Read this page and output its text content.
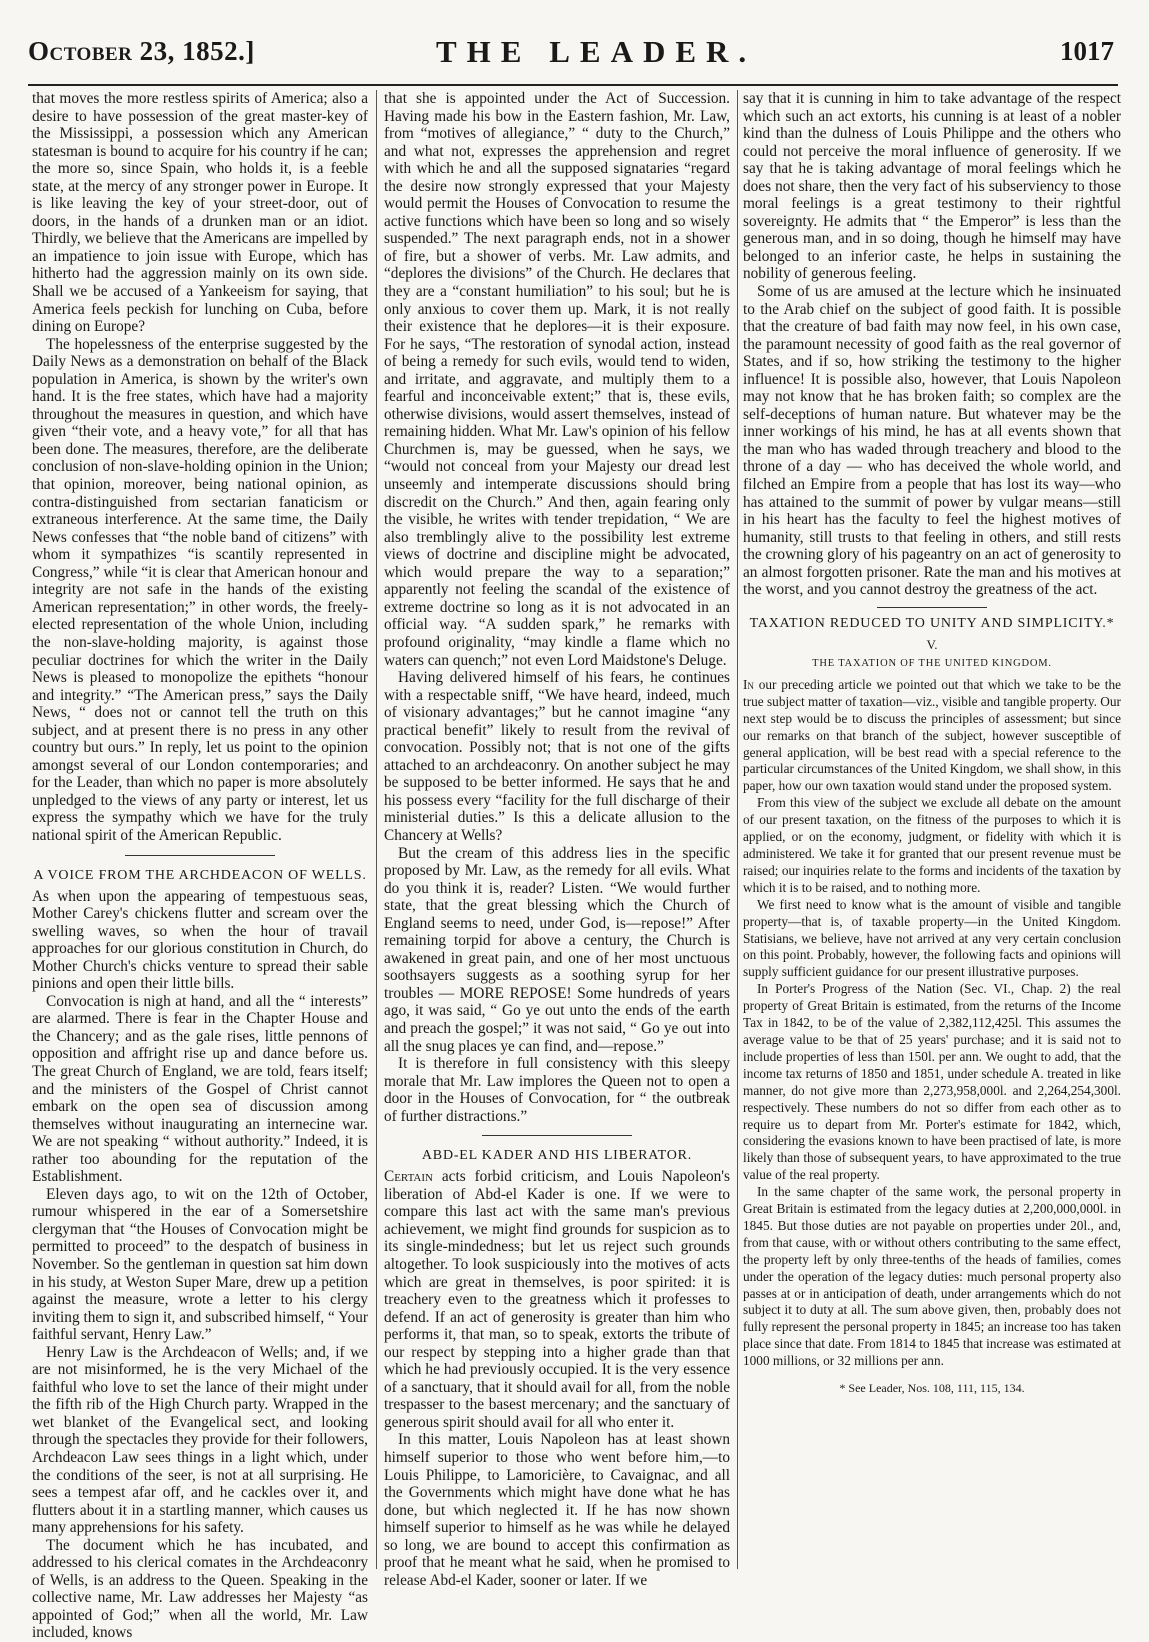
October 23, 1852.]	THE LEADER.	1017

that moves the more restless spirits of America; also a desire to have possession of the great master-key of the Mississippi, a possession which any American statesman is bound to acquire for his country if he can; the more so, since Spain, who holds it, is a feeble state, at the mercy of any stronger power in Europe. It is like leaving the key of your street-door, out of doors, in the hands of a drunken man or an idiot. Thirdly, we believe that the Americans are impelled by an impatience to join issue with Europe, which has hitherto had the aggression mainly on its own side. Shall we be accused of a Yankeeism for saying, that America feels peckish for lunching on Cuba, before dining on Europe?

The hopelessness of the enterprise suggested by the Daily News as a demonstration on behalf of the Black population in America, is shown by the writer's own hand. It is the free states, which have had a majority throughout the measures in question, and which have given “their vote, and a heavy vote,” for all that has been done. The measures, therefore, are the deliberate conclusion of non-slave-holding opinion in the Union; that opinion, moreover, being national opinion, as contra-distinguished from sectarian fanaticism or extraneous interference. At the same time, the Daily News confesses that “the noble band of citizens” with whom it sympathizes “is scantily represented in Congress,” while “it is clear that American honour and integrity are not safe in the hands of the existing American representation;” in other words, the freely-elected representation of the whole Union, including the non-slave-holding majority, is against those peculiar doctrines for which the writer in the Daily News is pleased to monopolize the epithets “honour and integrity.” “The American press,” says the Daily News, “ does not or cannot tell the truth on this subject, and at present there is no press in any other country but ours.” In reply, let us point to the opinion amongst several of our London contemporaries; and for the Leader, than which no paper is more absolutely unpledged to the views of any party or interest, let us express the sympathy which we have for the truly national spirit of the American Republic.

A VOICE FROM THE ARCHDEACON OF WELLS.

As when upon the appearing of tempestuous seas, Mother Carey's chickens flutter and scream over the swelling waves, so when the hour of travail approaches for our glorious constitution in Church, do Mother Church's chicks venture to spread their sable pinions and open their little bills.

Convocation is nigh at hand, and all the “ interests” are alarmed. There is fear in the Chapter House and the Chancery; and as the gale rises, little pennons of opposition and affright rise up and dance before us. The great Church of England, we are told, fears itself; and the ministers of the Gospel of Christ cannot embark on the open sea of discussion among themselves without inaugurating an internecine war. We are not speaking “ without authority.” Indeed, it is rather too abounding for the reputation of the Establishment.

Eleven days ago, to wit on the 12th of October, rumour whispered in the ear of a Somersetshire clergyman that “the Houses of Convocation might be permitted to proceed” to the despatch of business in November. So the gentleman in question sat him down in his study, at Weston Super Mare, drew up a petition against the measure, wrote a letter to his clergy inviting them to sign it, and subscribed himself, “ Your faithful servant, Henry Law.”

Henry Law is the Archdeacon of Wells; and, if we are not misinformed, he is the very Michael of the faithful who love to set the lance of their might under the fifth rib of the High Church party. Wrapped in the wet blanket of the Evangelical sect, and looking through the spectacles they provide for their followers, Archdeacon Law sees things in a light which, under the conditions of the seer, is not at all surprising. He sees a tempest afar off, and he cackles over it, and flutters about it in a startling manner, which causes us many apprehensions for his safety.

The document which he has incubated, and addressed to his clerical comates in the Archdeaconry of Wells, is an address to the Queen. Speaking in the collective name, Mr. Law addresses her Majesty “as appointed of God;” when all the world, Mr. Law included, knows

that she is appointed under the Act of Succession. Having made his bow in the Eastern fashion, Mr. Law, from “motives of allegiance,” “ duty to the Church,” and what not, expresses the apprehension and regret with which he and all the supposed signataries “regard the desire now strongly expressed that your Majesty would permit the Houses of Convocation to resume the active functions which have been so long and so wisely suspended.” The next paragraph ends, not in a shower of fire, but a shower of verbs. Mr. Law admits, and “deplores the divisions” of the Church. He declares that they are a “constant humiliation” to his soul; but he is only anxious to cover them up. Mark, it is not really their existence that he deplores—it is their exposure. For he says, “The restoration of synodal action, instead of being a remedy for such evils, would tend to widen, and irritate, and aggravate, and multiply them to a fearful and inconceivable extent;” that is, these evils, otherwise divisions, would assert themselves, instead of remaining hidden. What Mr. Law's opinion of his fellow Churchmen is, may be guessed, when he says, we “would not conceal from your Majesty our dread lest unseemly and intemperate discussions should bring discredit on the Church.” And then, again fearing only the visible, he writes with tender trepidation, “ We are also tremblingly alive to the possibility lest extreme views of doctrine and discipline might be advocated, which would prepare the way to a separation;” apparently not feeling the scandal of the existence of extreme doctrine so long as it is not advocated in an official way. “A sudden spark,” he remarks with profound originality, “may kindle a flame which no waters can quench;” not even Lord Maidstone's Deluge.

Having delivered himself of his fears, he continues with a respectable sniff, “We have heard, indeed, much of visionary advantages;” but he cannot imagine “any practical benefit” likely to result from the revival of convocation. Possibly not; that is not one of the gifts attached to an archdeaconry. On another subject he may be supposed to be better informed. He says that he and his possess every “facility for the full discharge of their ministerial duties.” Is this a delicate allusion to the Chancery at Wells?

But the cream of this address lies in the specific proposed by Mr. Law, as the remedy for all evils. What do you think it is, reader? Listen. “We would further state, that the great blessing which the Church of England seems to need, under God, is—repose!” After remaining torpid for above a century, the Church is awakened in great pain, and one of her most unctuous soothsayers suggests as a soothing syrup for her troubles — MORE REPOSE! Some hundreds of years ago, it was said, “ Go ye out unto the ends of the earth and preach the gospel;” it was not said, “ Go ye out into all the snug places ye can find, and—repose.”

It is therefore in full consistency with this sleepy morale that Mr. Law implores the Queen not to open a door in the Houses of Convocation, for “ the outbreak of further distractions.”

ABD-EL KADER AND HIS LIBERATOR.

Certain acts forbid criticism, and Louis Napoleon's liberation of Abd-el Kader is one. If we were to compare this last act with the same man's previous achievement, we might find grounds for suspicion as to its single-mindedness; but let us reject such grounds altogether. To look suspiciously into the motives of acts which are great in themselves, is poor spirited: it is treachery even to the greatness which it professes to defend. If an act of generosity is greater than him who performs it, that man, so to speak, extorts the tribute of our respect by stepping into a higher grade than that which he had previously occupied. It is the very essence of a sanctuary, that it should avail for all, from the noble trespasser to the basest mercenary; and the sanctuary of generous spirit should avail for all who enter it.

In this matter, Louis Napoleon has at least shown himself superior to those who went before him,—to Louis Philippe, to Lamoricière, to Cavaignac, and all the Governments which might have done what he has done, but which neglected it. If he has now shown himself superior to himself as he was while he delayed so long, we are bound to accept this confirmation as proof that he meant what he said, when he promised to release Abd-el Kader, sooner or later. If we

say that it is cunning in him to take advantage of the respect which such an act extorts, his cunning is at least of a nobler kind than the dulness of Louis Philippe and the others who could not perceive the moral influence of generosity. If we say that he is taking advantage of moral feelings which he does not share, then the very fact of his subserviency to those moral feelings is a great testimony to their rightful sovereignty. He admits that “ the Emperor” is less than the generous man, and in so doing, though he himself may have belonged to an inferior caste, he helps in sustaining the nobility of generous feeling.

Some of us are amused at the lecture which he insinuated to the Arab chief on the subject of good faith. It is possible that the creature of bad faith may now feel, in his own case, the paramount necessity of good faith as the real governor of States, and if so, how striking the testimony to the higher influence! It is possible also, however, that Louis Napoleon may not know that he has broken faith; so complex are the self-deceptions of human nature. But whatever may be the inner workings of his mind, he has at all events shown that the man who has waded through treachery and blood to the throne of a day — who has deceived the whole world, and filched an Empire from a people that has lost its way—who has attained to the summit of power by vulgar means—still in his heart has the faculty to feel the highest motives of humanity, still trusts to that feeling in others, and still rests the crowning glory of his pageantry on an act of generosity to an almost forgotten prisoner. Rate the man and his motives at the worst, and you cannot destroy the greatness of the act.

TAXATION REDUCED TO UNITY AND SIMPLICITY.*
V.
THE TAXATION OF THE UNITED KINGDOM.

In our preceding article we pointed out that which we take to be the true subject matter of taxation—viz., visible and tangible property. Our next step would be to discuss the principles of assessment; but since our remarks on that branch of the subject, however susceptible of general application, will be best read with a special reference to the particular circumstances of the United Kingdom, we shall show, in this paper, how our own taxation would stand under the proposed system.

From this view of the subject we exclude all debate on the amount of our present taxation, on the fitness of the purposes to which it is applied, or on the economy, judgment, or fidelity with which it is administered. We take it for granted that our present revenue must be raised; our inquiries relate to the forms and incidents of the taxation by which it is to be raised, and to nothing more.

We first need to know what is the amount of visible and tangible property—that is, of taxable property—in the United Kingdom. Statisians, we believe, have not arrived at any very certain conclusion on this point. Probably, however, the following facts and opinions will supply sufficient guidance for our present illustrative purposes.

In Porter's Progress of the Nation (Sec. VI., Chap. 2) the real property of Great Britain is estimated, from the returns of the Income Tax in 1842, to be of the value of 2,382,112,425l. This assumes the average value to be that of 25 years' purchase; and it is said not to include properties of less than 150l. per ann. We ought to add, that the income tax returns of 1850 and 1851, under schedule A. treated in like manner, do not give more than 2,273,958,000l. and 2,264,254,300l. respectively. These numbers do not so differ from each other as to require us to depart from Mr. Porter's estimate for 1842, which, considering the evasions known to have been practised of late, is more likely than those of subsequent years, to have approximated to the true value of the real property.

In the same chapter of the same work, the personal property in Great Britain is estimated from the legacy duties at 2,200,000,000l. in 1845. But those duties are not payable on properties under 20l., and, from that cause, with or without others contributing to the same effect, the property left by only three-tenths of the heads of families, comes under the operation of the legacy duties: much personal property also passes at or in anticipation of death, under arrangements which do not subject it to duty at all. The sum above given, then, probably does not fully represent the personal property in 1845; an increase too has taken place since that date. From 1814 to 1845 that increase was estimated at 1000 millions, or 32 millions per ann.

* See Leader, Nos. 108, 111, 115, 134.
